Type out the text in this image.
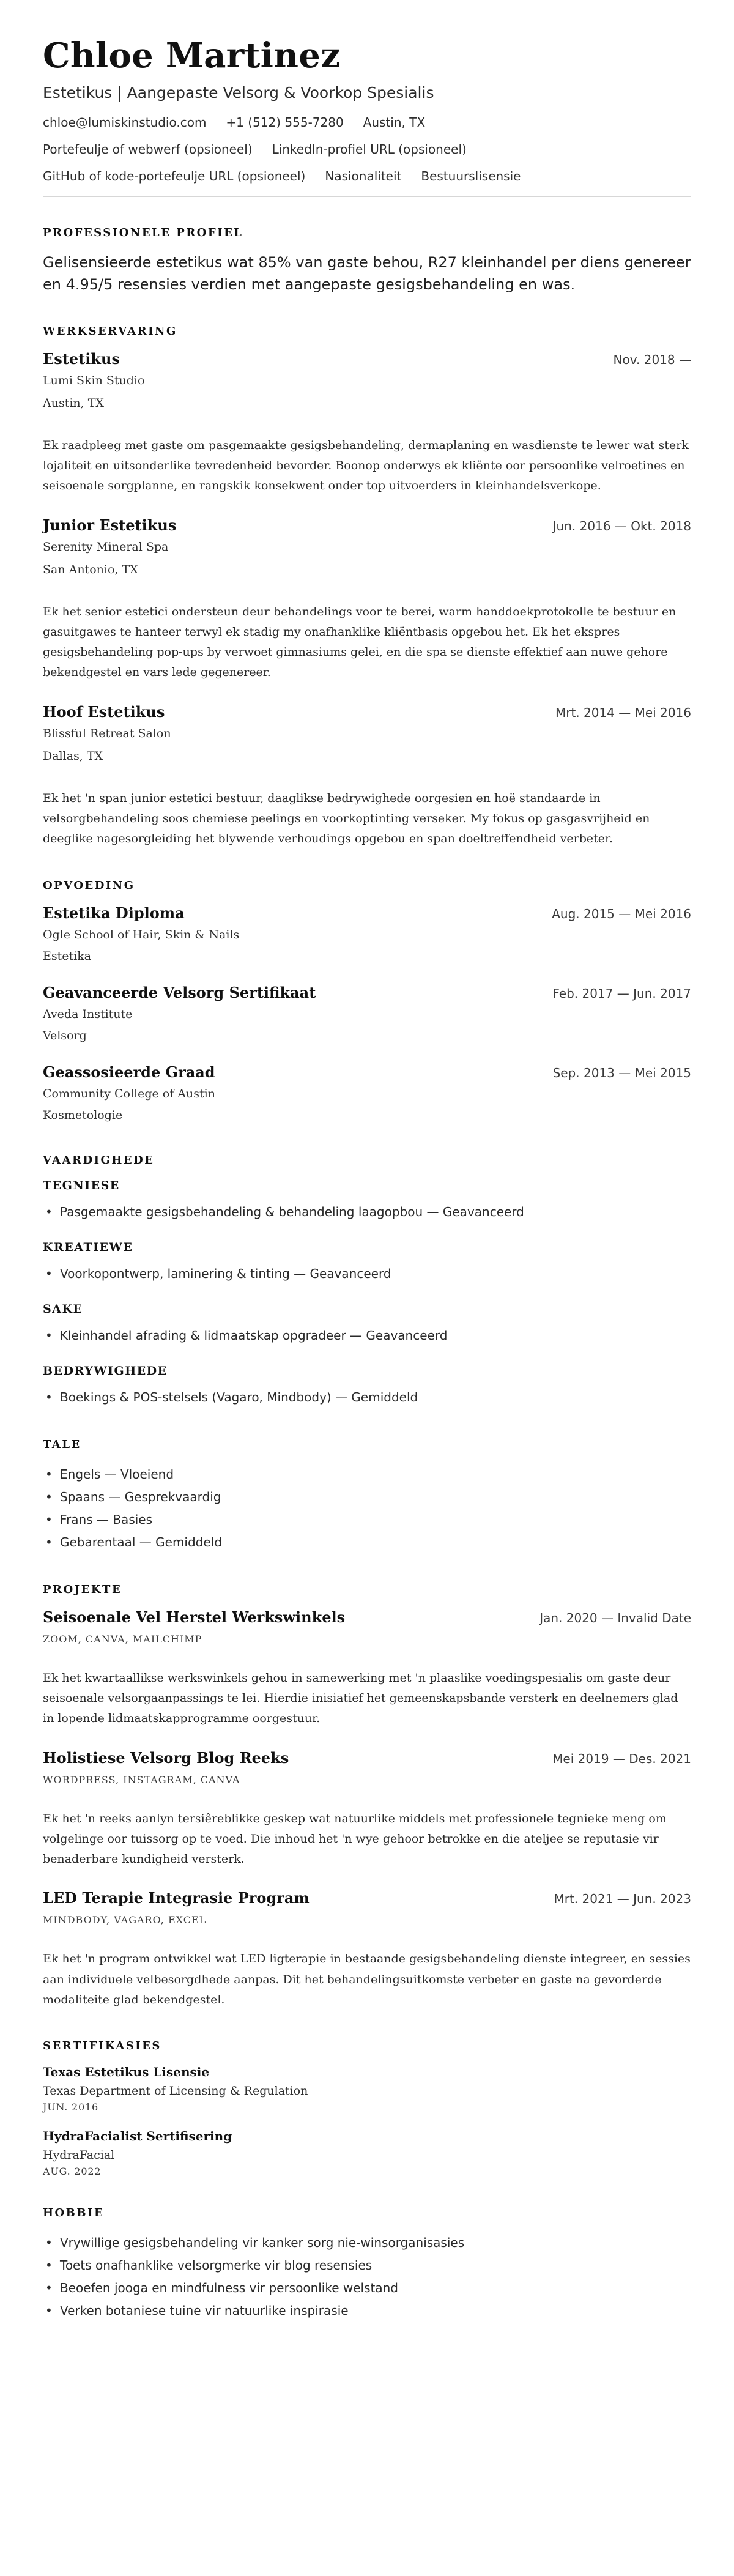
Chloe Martinez
Estetikus | Aangepaste Velsorg & Voorkop Spesialis
chloe@lumiskinstudio.com +1 (512) 555-7280 Austin, TX
Portefeulje of webwerf (opsioneel) LinkedIn-profiel URL (opsioneel)
GitHub of kode-portefeulje URL (opsioneel) Nasionaliteit Bestuurslisensie
PROFESSIONELE PROFIEL

Gelisensieerde estetikus wat 85% van gaste behou, R27 kleinhandel per diens genereer en 4.95/5 resensies verdien met aangepaste gesigsbehandeling en was.

WERKSERVARING
Estetikus	Nov. 2018 —
Lumi Skin Studio
Austin, TX

Ek raadpleeg met gaste om pasgemaakte gesigsbehandeling, dermaplaning en wasdienste te lewer wat sterk lojaliteit en uitsonderlike tevredenheid bevorder. Boonop onderwys ek kliënte oor persoonlike velroetines en seisoenale sorgplanne, en rangskik konsekwent onder top uitvoerders in kleinhandelsverkope.

Junior Estetikus	Jun. 2016 — Okt. 2018
Serenity Mineral Spa
San Antonio, TX

Ek het senior estetici ondersteun deur behandelings voor te berei, warm handdoekprotokolle te bestuur en gasuitgawes te hanteer terwyl ek stadig my onafhanklike kliëntbasis opgebou het. Ek het ekspres gesigsbehandeling pop-ups by verwoet gimnasiums gelei, en die spa se dienste effektief aan nuwe gehore bekendgestel en vars lede gegenereer.

Hoof Estetikus	Mrt. 2014 — Mei 2016
Blissful Retreat Salon
Dallas, TX

Ek het 'n span junior estetici bestuur, daaglikse bedrywighede oorgesien en hoë standaarde in velsorgbehandeling soos chemiese peelings en voorkoptinting verseker. My fokus op gasgasvrijheid en deeglike nagesorgleiding het blywende verhoudings opgebou en span doeltreffendheid verbeter.

OPVOEDING
Estetika Diploma	Aug. 2015 — Mei 2016
Ogle School of Hair, Skin & Nails
Estetika
Geavanceerde Velsorg Sertifikaat	Feb. 2017 — Jun. 2017
Aveda Institute
Velsorg
Geassosieerde Graad	Sep. 2013 — Mei 2015
Community College of Austin
Kosmetologie
VAARDIGHEDE
TEGNIESE
• Pasgemaakte gesigsbehandeling & behandeling laagopbou — Geavanceerd
KREATIEWE
• Voorkopontwerp, laminering & tinting — Geavanceerd
SAKE
• Kleinhandel afrading & lidmaatskap opgradeer — Geavanceerd
BEDRYWIGHEDE
• Boekings & POS-stelsels (Vagaro, Mindbody) — Gemiddeld
TALE
• Engels — Vloeiend
• Spaans — Gesprekvaardig
• Frans — Basies
• Gebarentaal — Gemiddeld
PROJEKTE
Seisoenale Vel Herstel Werkswinkels	Jan. 2020 — Invalid Date
ZOOM, CANVA, MAILCHIMP

Ek het kwartaallikse werkswinkels gehou in samewerking met 'n plaaslike voedingspesialis om gaste deur seisoenale velsorgaanpassings te lei. Hierdie inisiatief het gemeenskapsbande versterk en deelnemers glad in lopende lidmaatskapprogramme oorgestuur.

Holistiese Velsorg Blog Reeks	Mei 2019 — Des. 2021
WORDPRESS, INSTAGRAM, CANVA

Ek het 'n reeks aanlyn tersiêreblikke geskep wat natuurlike middels met professionele tegnieke meng om volgelinge oor tuissorg op te voed. Die inhoud het 'n wye gehoor betrokke en die ateljee se reputasie vir benaderbare kundigheid versterk.

LED Terapie Integrasie Program	Mrt. 2021 — Jun. 2023
MINDBODY, VAGARO, EXCEL

Ek het 'n program ontwikkel wat LED ligterapie in bestaande gesigsbehandeling dienste integreer, en sessies aan individuele velbesorgdhede aanpas. Dit het behandelingsuitkomste verbeter en gaste na gevorderde modaliteite glad bekendgestel.

SERTIFIKASIES
Texas Estetikus Lisensie
Texas Department of Licensing & Regulation
JUN. 2016
HydraFacialist Sertifisering
HydraFacial
AUG. 2022
HOBBIE
• Vrywillige gesigsbehandeling vir kanker sorg nie-winsorganisasies
• Toets onafhanklike velsorgmerke vir blog resensies
• Beoefen jooga en mindfulness vir persoonlike welstand
• Verken botaniese tuine vir natuurlike inspirasie
